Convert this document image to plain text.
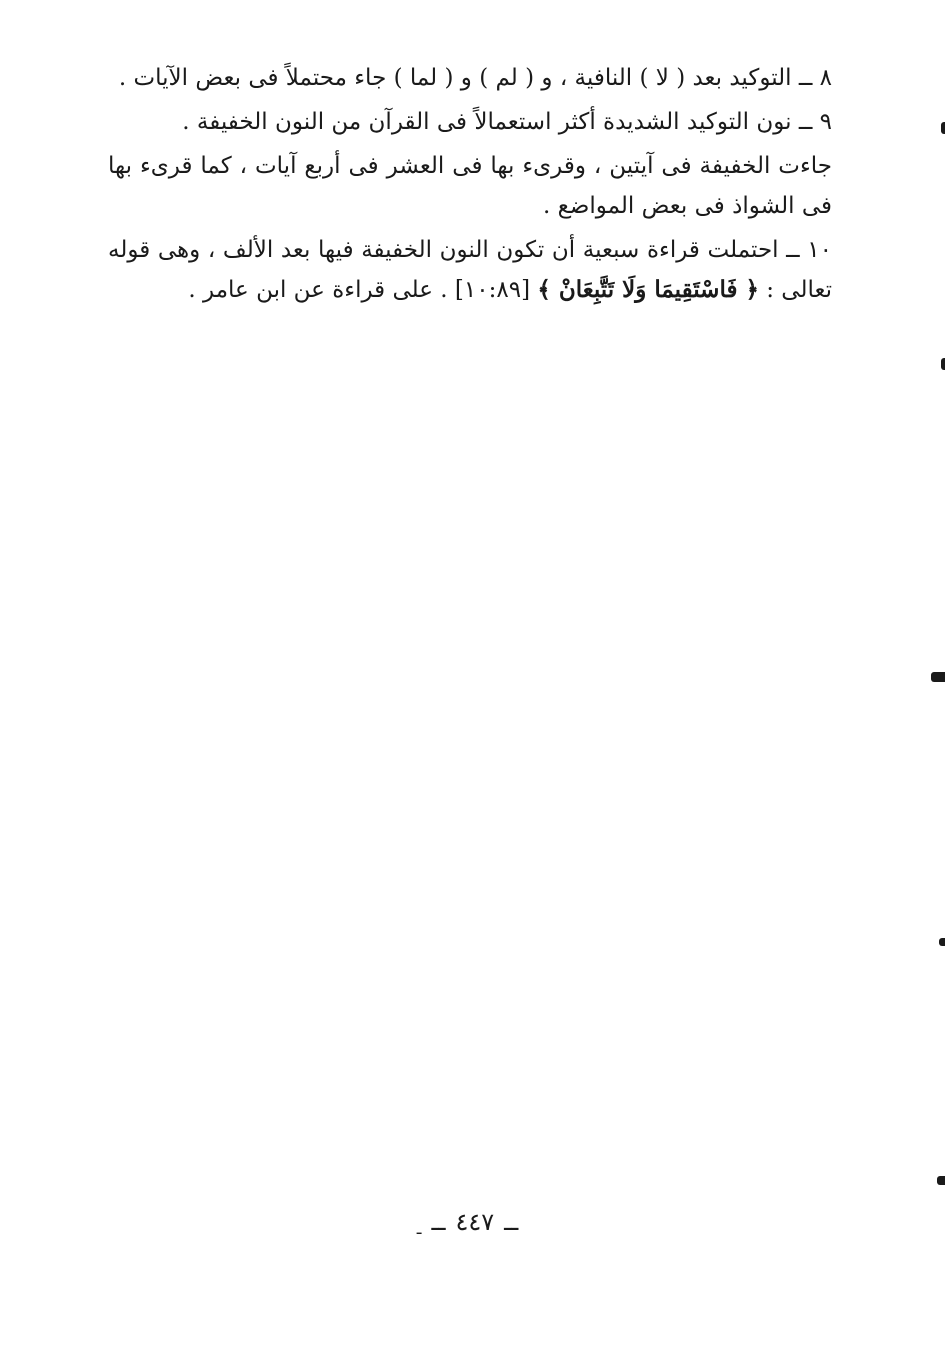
٨ ــ التوكيد بعد ( لا ) النافية ، و ( لم ) و ( لما ) جاء محتملاً فى بعض الآيات .

٩ ــ نون التوكيد الشديدة أكثر استعمالاً فى القرآن من النون الخفيفة .

جاءت الخفيفة فى آيتين ، وقرىء بها فى العشر فى أربع آيات ، كما قرىء بها فى الشواذ فى بعض المواضع .

١٠ ــ احتملت قراءة سبعية أن تكون النون الخفيفة فيها بعد الألف ، وهى قوله تعالى : ﴿ فَاسْتَقِيمَا وَلَا تَتَّبِعَانْ ﴾ [١٠:٨٩] . على قراءة عن ابن عامر .

ــ٤٤٧ـــ
